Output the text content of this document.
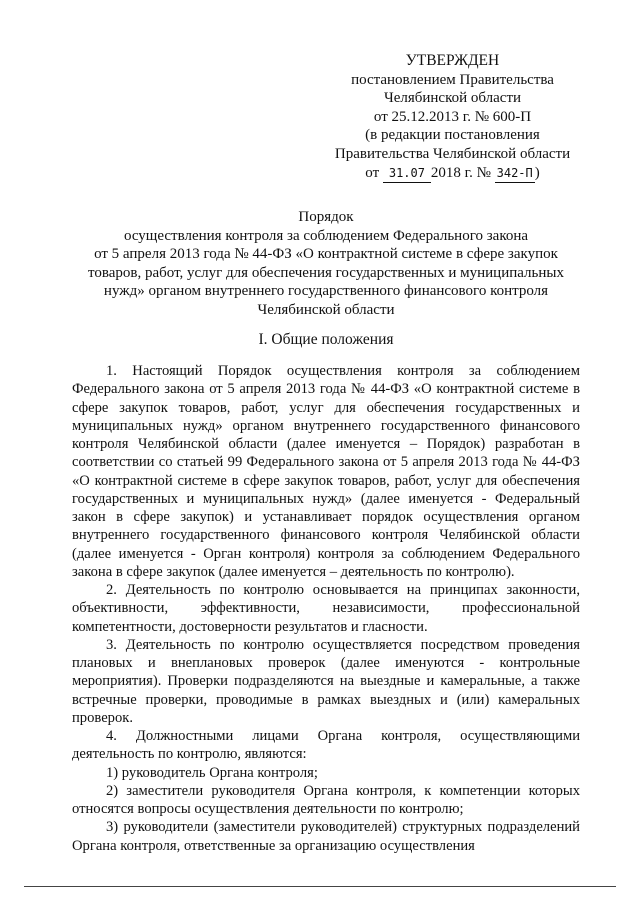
УТВЕРЖДЕН
постановлением Правительства
Челябинской области
от 25.12.2013 г. № 600-П
(в редакции постановления
Правительства Челябинской области
от 31.07 2018 г. № 342-П )

Порядок

осуществления контроля за соблюдением Федерального закона

от 5 апреля 2013 года № 44-ФЗ «О контрактной системе в сфере закупок

товаров, работ, услуг для обеспечения государственных и муниципальных

нужд» органом внутреннего государственного финансового контроля

Челябинской области

I. Общие положения

1. Настоящий Порядок осуществления контроля за соблюдением Федерального закона от 5 апреля 2013 года № 44-ФЗ «О контрактной системе в сфере закупок товаров, работ, услуг для обеспечения государственных и муниципальных нужд» органом внутреннего государственного финансового контроля Челябинской области (далее именуется – Порядок) разработан в соответствии со статьей 99 Федерального закона от 5 апреля 2013 года № 44-ФЗ «О контрактной системе в сфере закупок товаров, работ, услуг для обеспечения государственных и муниципальных нужд» (далее именуется - Федеральный закон в сфере закупок) и устанавливает порядок осуществления органом внутреннего государственного финансового контроля Челябинской области (далее именуется - Орган контроля) контроля за соблюдением Федерального закона в сфере закупок (далее именуется – деятельность по контролю).

2. Деятельность по контролю основывается на принципах законности, объективности, эффективности, независимости, профессиональной компетентности, достоверности результатов и гласности.

3. Деятельность по контролю осуществляется посредством проведения плановых и внеплановых проверок (далее именуются - контрольные мероприятия). Проверки подразделяются на выездные и камеральные, а также встречные проверки, проводимые в рамках выездных и (или) камеральных проверок.

4. Должностными лицами Органа контроля, осуществляющими деятельность по контролю, являются:

1) руководитель Органа контроля;

2) заместители руководителя Органа контроля, к компетенции которых относятся вопросы осуществления деятельности по контролю;

3) руководители (заместители руководителей) структурных подразделений Органа контроля, ответственные за организацию осуществления
